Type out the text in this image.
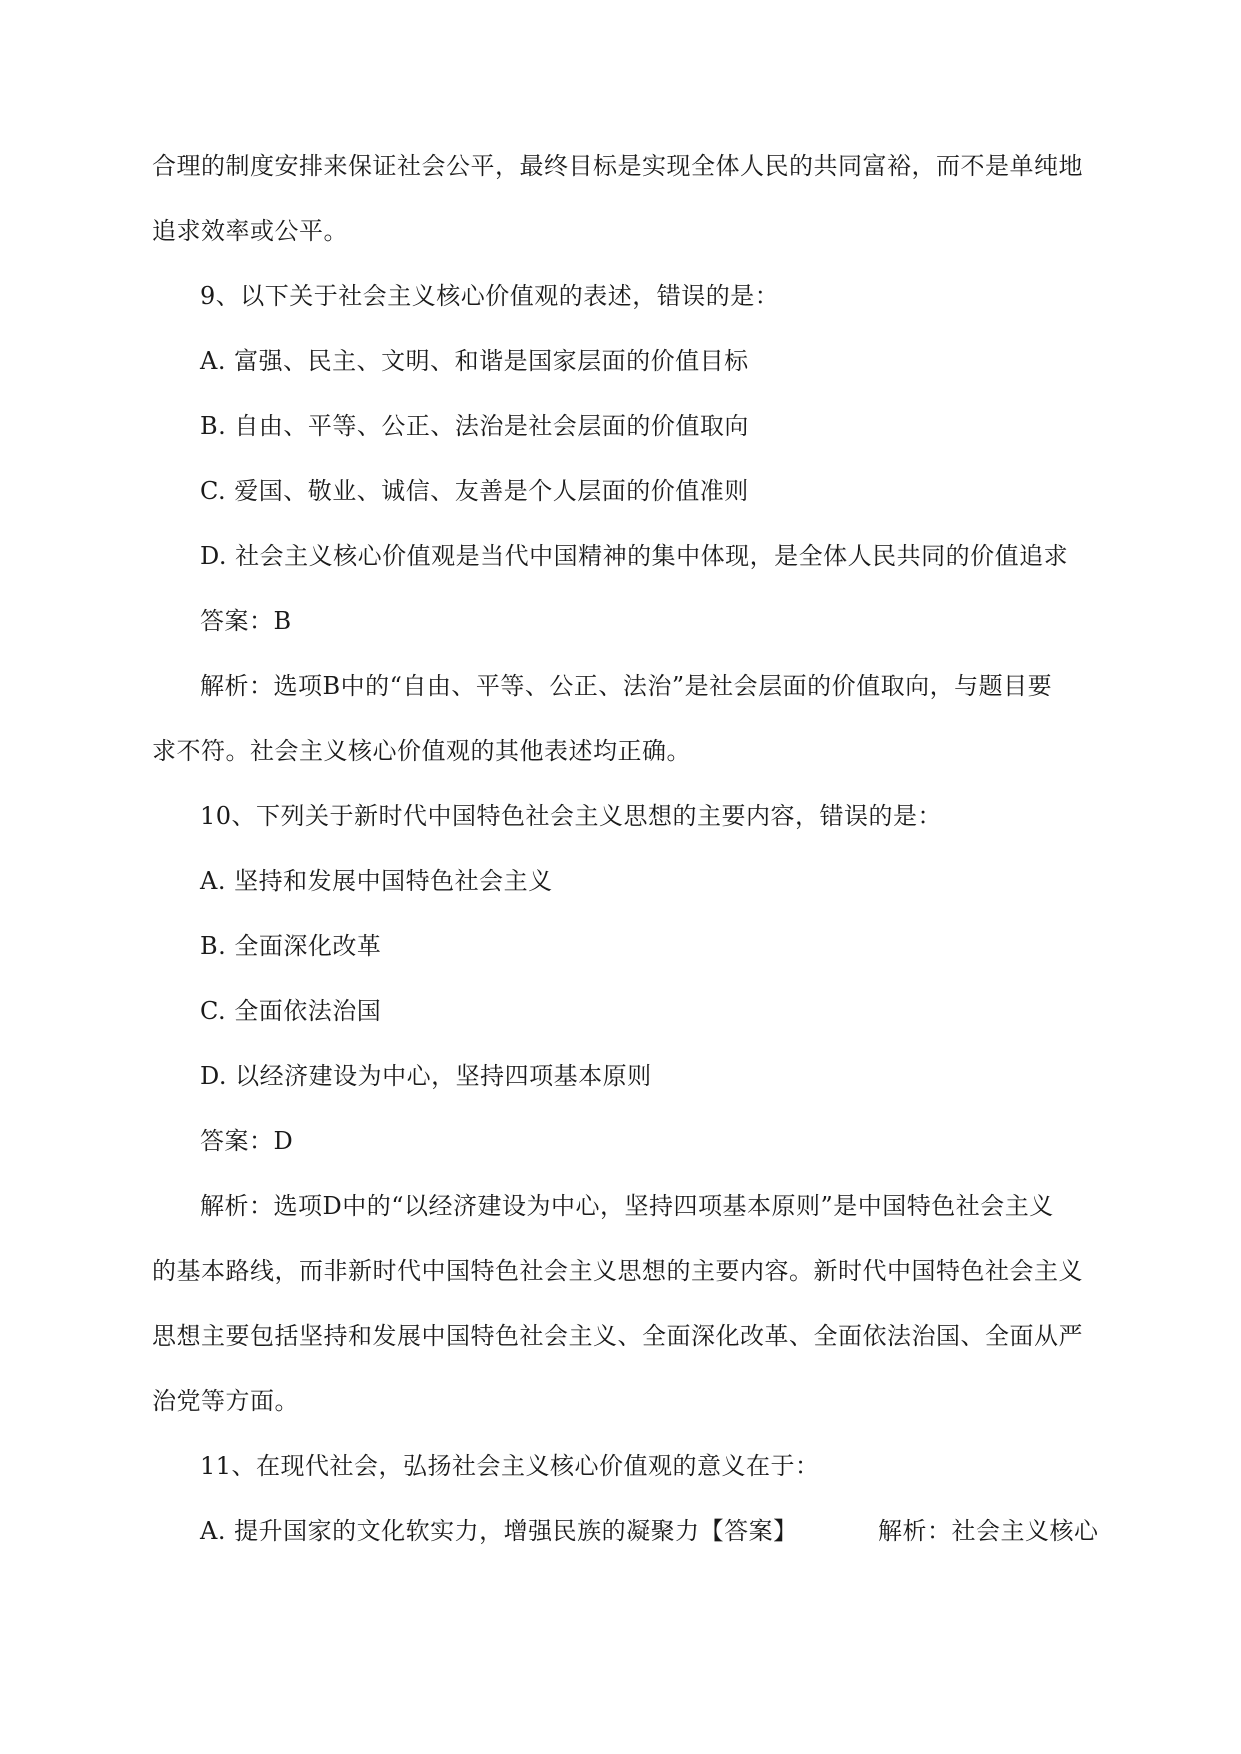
合理的制度安排来保证社会公平，最终目标是实现全体人民的共同富裕，而不是单纯地
追求效率或公平。
9、以下关于社会主义核心价值观的表述，错误的是：
A. 富强、民主、文明、和谐是国家层面的价值目标
B. 自由、平等、公正、法治是社会层面的价值取向
C. 爱国、敬业、诚信、友善是个人层面的价值准则
D. 社会主义核心价值观是当代中国精神的集中体现，是全体人民共同的价值追求
答案：B
解析：选项B中的“自由、平等、公正、法治”是社会层面的价值取向，与题目要
求不符。社会主义核心价值观的其他表述均正确。
10、下列关于新时代中国特色社会主义思想的主要内容，错误的是：
A. 坚持和发展中国特色社会主义
B. 全面深化改革
C. 全面依法治国
D. 以经济建设为中心，坚持四项基本原则
答案：D
解析：选项D中的“以经济建设为中心，坚持四项基本原则”是中国特色社会主义
的基本路线，而非新时代中国特色社会主义思想的主要内容。新时代中国特色社会主义
思想主要包括坚持和发展中国特色社会主义、全面深化改革、全面依法治国、全面从严
治党等方面。
11、在现代社会，弘扬社会主义核心价值观的意义在于：
A. 提升国家的文化软实力，增强民族的凝聚力【答案】	解析：社会主义核心
